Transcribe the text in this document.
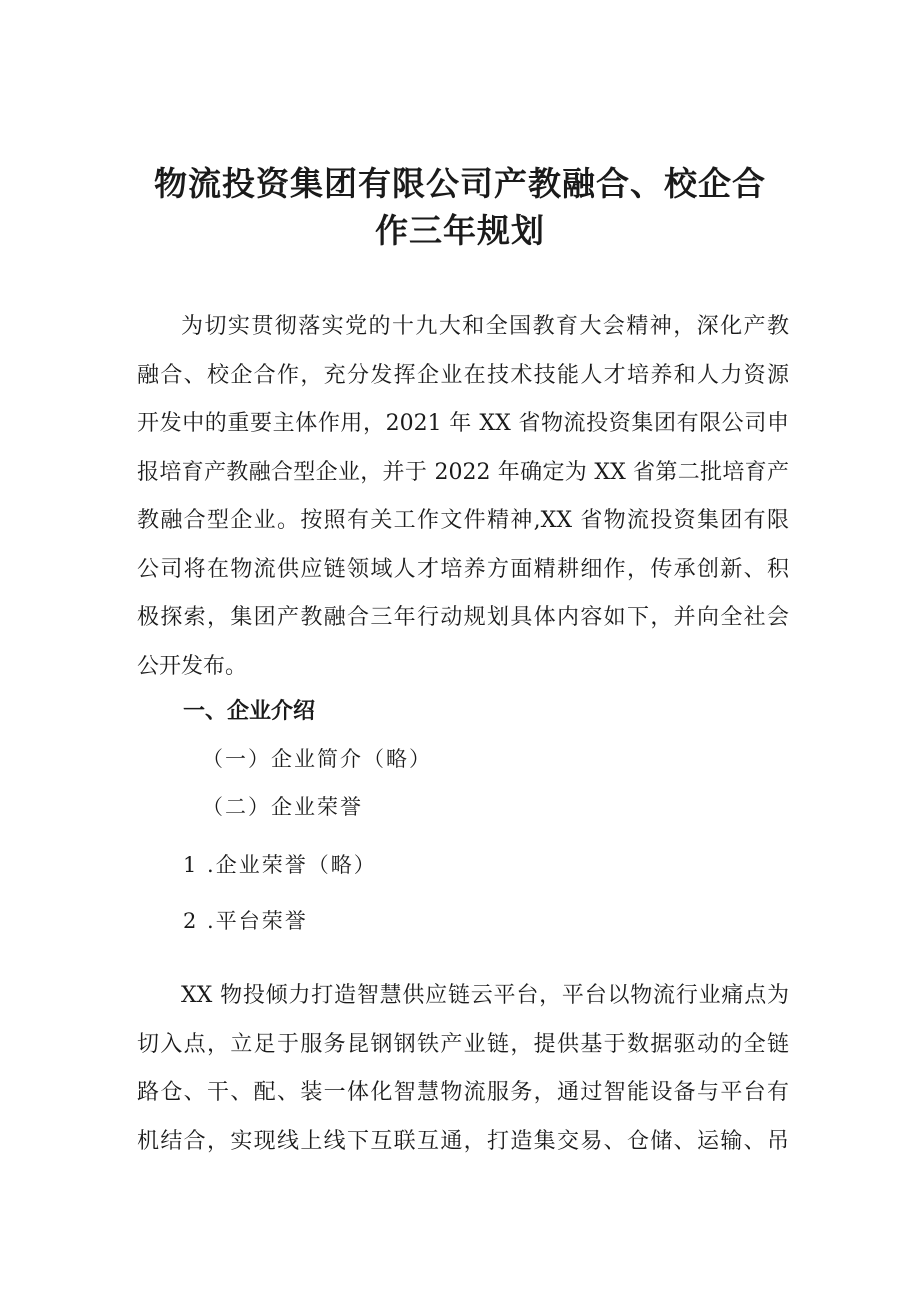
物流投资集团有限公司产教融合、校企合
作三年规划
为切实贯彻落实党的十九大和全国教育大会精神，深化产教
融合、校企合作，充分发挥企业在技术技能人才培养和人力资源
开发中的重要主体作用，2021 年 XX 省物流投资集团有限公司申
报培育产教融合型企业，并于 2022 年确定为 XX 省第二批培育产
教融合型企业。按照有关工作文件精神,XX 省物流投资集团有限
公司将在物流供应链领域人才培养方面精耕细作，传承创新、积
极探索，集团产教融合三年行动规划具体内容如下，并向全社会
公开发布。
一、企业介绍

（一）企业简介（略）

（二）企业荣誉

1 .企业荣誉（略）

2 .平台荣誉

XX 物投倾力打造智慧供应链云平台，平台以物流行业痛点为
切入点，立足于服务昆钢钢铁产业链，提供基于数据驱动的全链
路仓、干、配、装一体化智慧物流服务，通过智能设备与平台有
机结合，实现线上线下互联互通，打造集交易、仓储、运输、吊
